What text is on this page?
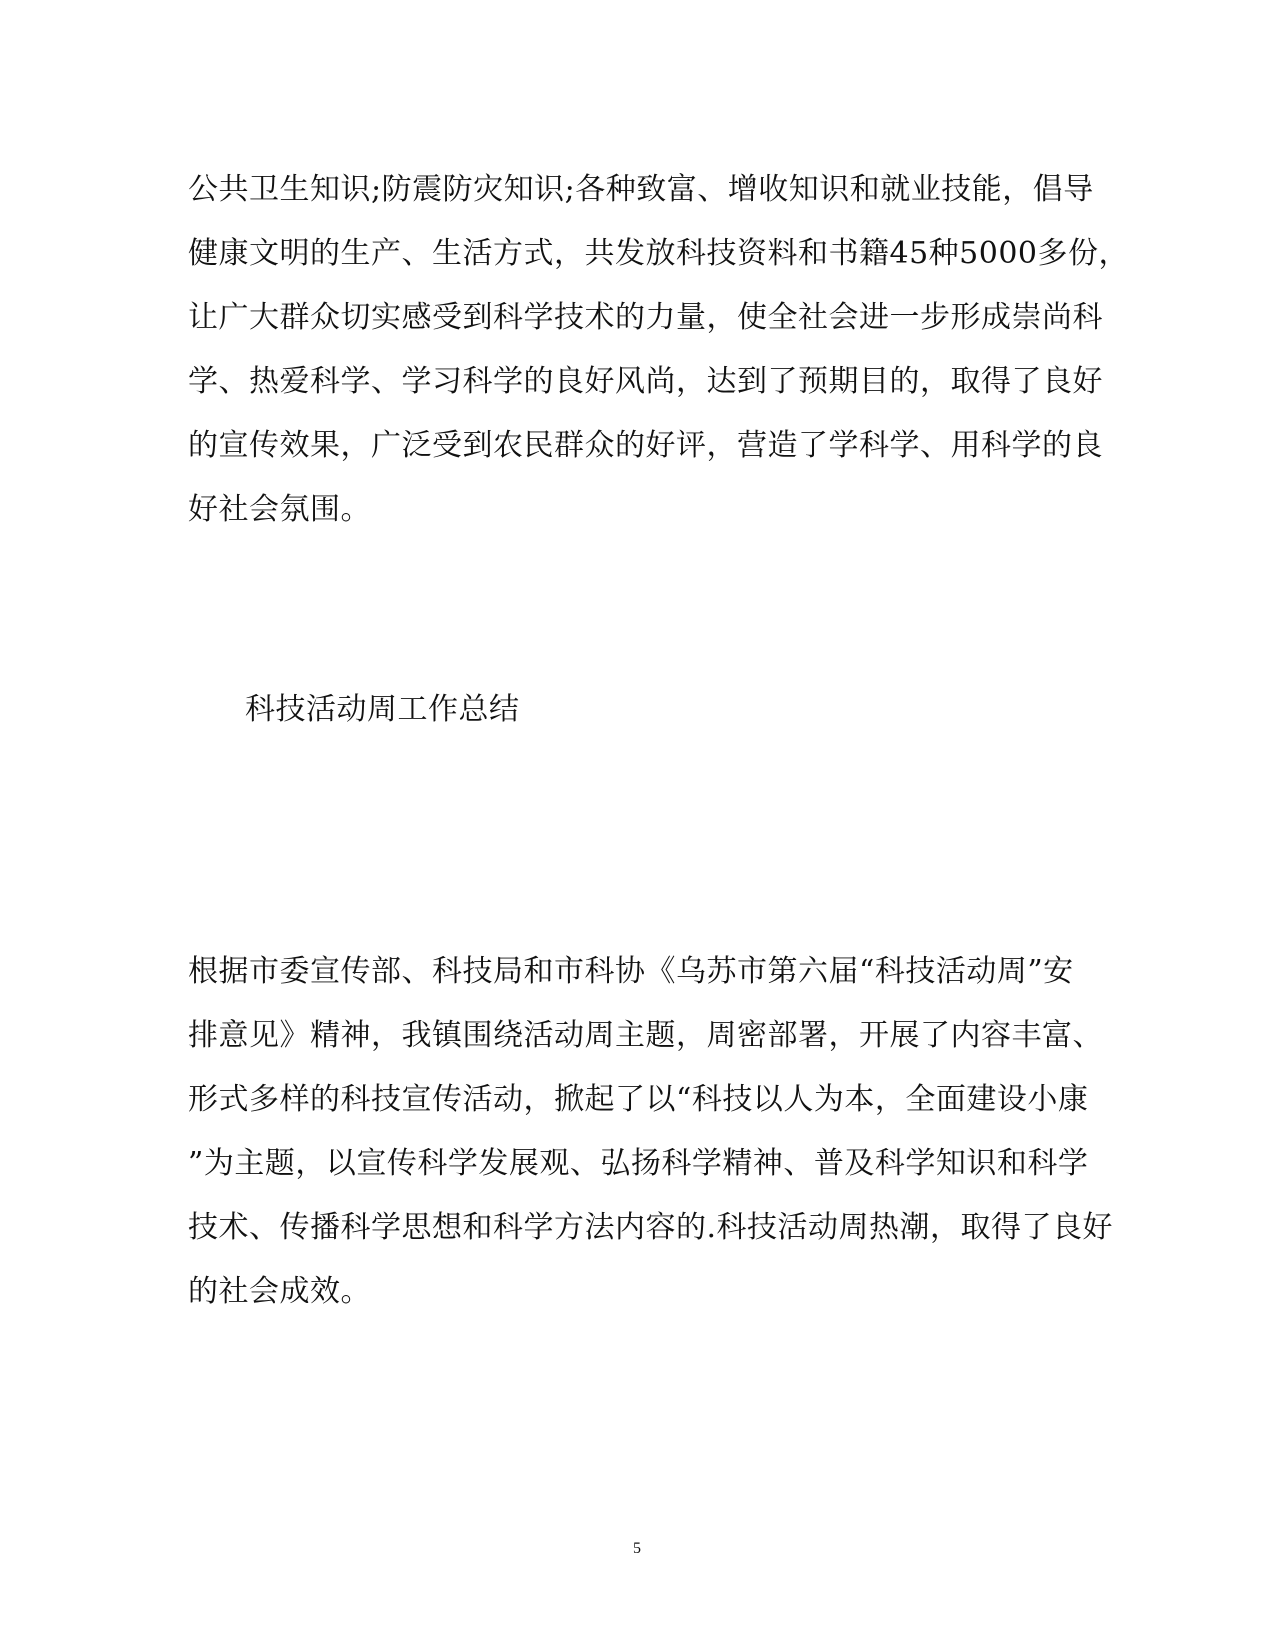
公共卫生知识;防震防灾知识;各种致富、增收知识和就业技能，倡导
健康文明的生产、生活方式，共发放科技资料和书籍45种5000多份，
让广大群众切实感受到科学技术的力量，使全社会进一步形成崇尚科
学、热爱科学、学习科学的良好风尚，达到了预期目的，取得了良好
的宣传效果，广泛受到农民群众的好评，营造了学科学、用科学的良
好社会氛围。

科技活动周工作总结

根据市委宣传部、科技局和市科协《乌苏市第六届“科技活动周”安
排意见》精神，我镇围绕活动周主题，周密部署，开展了内容丰富、
形式多样的科技宣传活动，掀起了以“科技以人为本，全面建设小康
”为主题，以宣传科学发展观、弘扬科学精神、普及科学知识和科学
技术、传播科学思想和科学方法内容的.科技活动周热潮，取得了良好
的社会成效。

5
